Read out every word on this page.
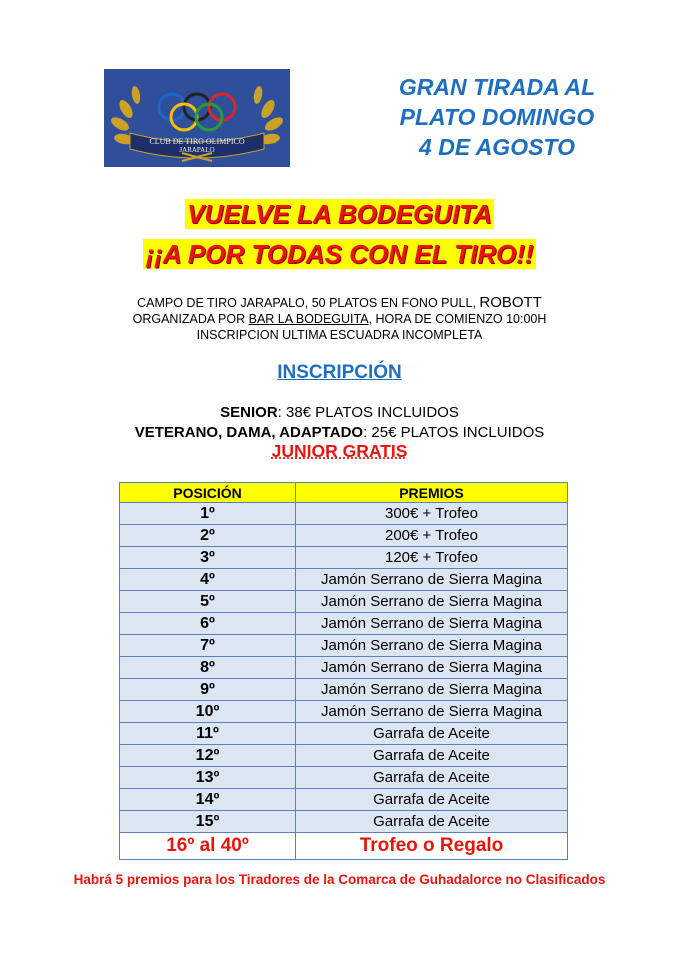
CLUB DE TIRO OLIMPICO
JARAPALO
GRAN TIRADA AL
PLATO DOMINGO
4 DE AGOSTO
VUELVE LA BODEGUITA
¡¡A POR TODAS CON EL TIRO!!
CAMPO DE TIRO JARAPALO, 50 PLATOS EN FONO PULL, ROBOTT
ORGANIZADA POR BAR LA BODEGUITA, HORA DE COMIENZO 10:00H
INSCRIPCION ULTIMA ESCUADRA INCOMPLETA
INSCRIPCIÓN
SENIOR: 38€ PLATOS INCLUIDOS
VETERANO, DAMA, ADAPTADO: 25€ PLATOS INCLUIDOS
JUNIOR GRATIS
POSICIÓN	PREMIOS
1º	300€ + Trofeo
2º	200€ + Trofeo
3º	120€ + Trofeo
4º	Jamón Serrano de Sierra Magina
5º	Jamón Serrano de Sierra Magina
6º	Jamón Serrano de Sierra Magina
7º	Jamón Serrano de Sierra Magina
8º	Jamón Serrano de Sierra Magina
9º	Jamón Serrano de Sierra Magina
10º	Jamón Serrano de Sierra Magina
11º	Garrafa de Aceite
12º	Garrafa de Aceite
13º	Garrafa de Aceite
14º	Garrafa de Aceite
15º	Garrafa de Aceite
16º al 40º	Trofeo o Regalo
Habrá 5 premios para los Tiradores de la Comarca de Guhadalorce no Clasificados
